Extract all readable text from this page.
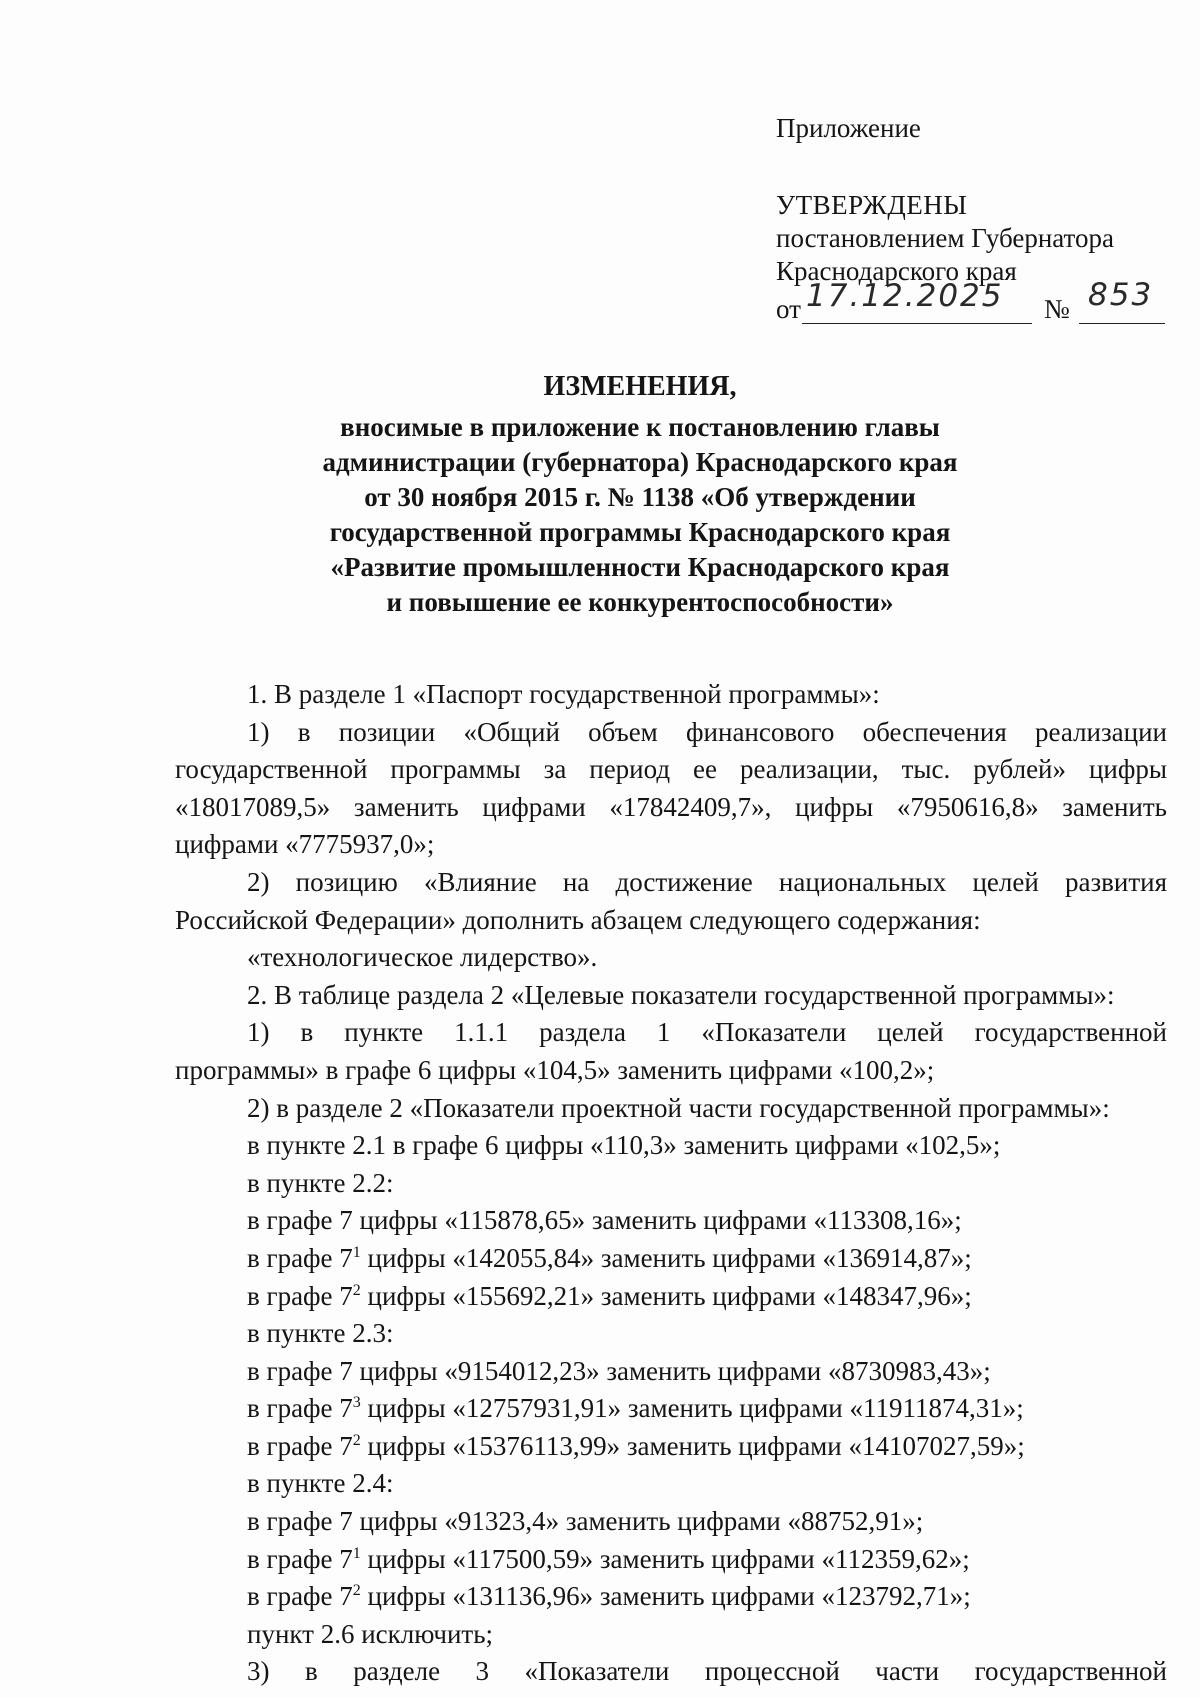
Приложение
УТВЕРЖДЕНЫ
постановлением Губернатора
Краснодарского края
от 17.12.2025 № 853
ИЗМЕНЕНИЯ,
вносимые в приложение к постановлению главы
администрации (губернатора) Краснодарского края
от 30 ноября 2015 г. № 1138 «Об утверждении
государственной программы Краснодарского края
«Развитие промышленности Краснодарского края
и повышение ее конкурентоспособности»

1. В разделе 1 «Паспорт государственной программы»:

1) в позиции «Общий объем финансового обеспечения реализации

государственной программы за период ее реализации, тыс. рублей» цифры

«18017089,5» заменить цифрами «17842409,7», цифры «7950616,8» заменить

цифрами «7775937,0»;

2) позицию «Влияние на достижение национальных целей развития

Российской Федерации» дополнить абзацем следующего содержания:

«технологическое лидерство».

2. В таблице раздела 2 «Целевые показатели государственной программы»:

1) в пункте 1.1.1 раздела 1 «Показатели целей государственной

программы» в графе 6 цифры «104,5» заменить цифрами «100,2»;

2) в разделе 2 «Показатели проектной части государственной программы»:

в пункте 2.1 в графе 6 цифры «110,3» заменить цифрами «102,5»;

в пункте 2.2:

в графе 7 цифры «115878,65» заменить цифрами «113308,16»;

в графе $7^1$ цифры «142055,84» заменить цифрами «136914,87»;

в графе $7^2$ цифры «155692,21» заменить цифрами «148347,96»;

в пункте 2.3:

в графе 7 цифры «9154012,23» заменить цифрами «8730983,43»;

в графе $7^3$ цифры «12757931,91» заменить цифрами «11911874,31»;

в графе $7^2$ цифры «15376113,99» заменить цифрами «14107027,59»;

в пункте 2.4:

в графе 7 цифры «91323,4» заменить цифрами «88752,91»;

в графе $7^1$ цифры «117500,59» заменить цифрами «112359,62»;

в графе $7^2$ цифры «131136,96» заменить цифрами «123792,71»;

пункт 2.6 исключить;

3) в разделе 3 «Показатели процессной части государственной
